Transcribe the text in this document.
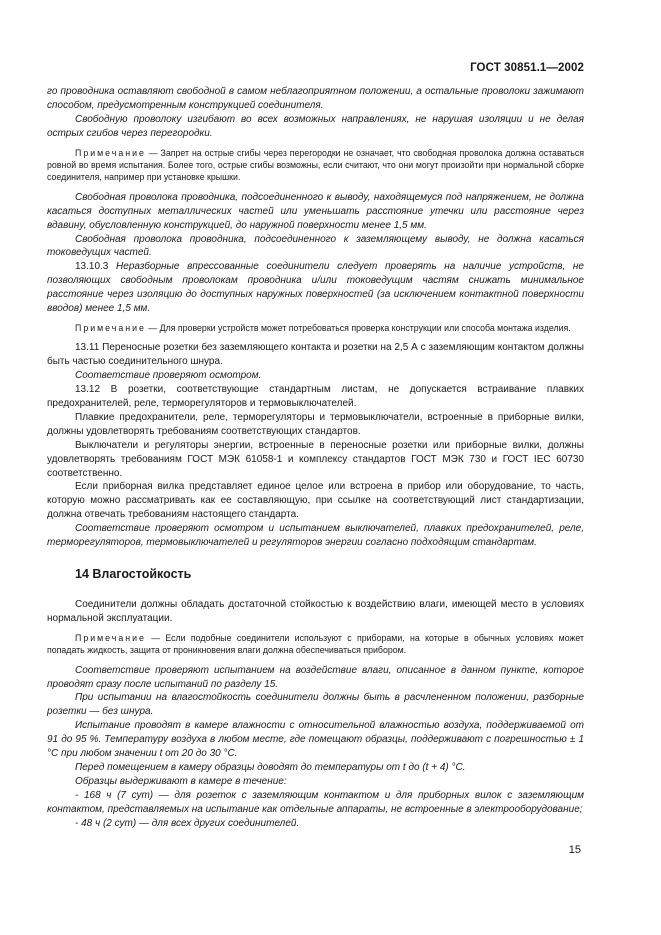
ГОСТ 30851.1—2002

го проводника оставляют свободной в самом неблагоприятном положении, а остальные проволоки зажимают способом, предусмотренным конструкцией соединителя.

Свободную проволоку изгибают во всех возможных направлениях, не нарушая изоляции и не делая острых сгибов через перегородки.

Примечание — Запрет на острые сгибы через перегородки не означает, что свободная проволока должна оставаться ровной во время испытания. Более того, острые сгибы возможны, если считают, что они могут произойти при нормальной сборке соединителя, например при установке крышки.

Свободная проволока проводника, подсоединенного к выводу, находящемуся под напряжением, не должна касаться доступных металлических частей или уменьшать расстояние утечки или расстояние через вдавину, обусловленную конструкцией, до наружной поверхности менее 1,5 мм.

Свободная проволока проводника, подсоединенного к заземляющему выводу, не должна касаться токоведущих частей.

13.10.3 Неразборные впрессованные соединители следует проверять на наличие устройств, не позволяющих свободным проволокам проводника и/или токоведущим частям снижать минимальное расстояние через изоляцию до доступных наружных поверхностей (за исключением контактной поверхности вводов) менее 1,5 мм.

Примечание — Для проверки устройств может потребоваться проверка конструкции или способа монтажа изделия.

13.11 Переносные розетки без заземляющего контакта и розетки на 2,5 А с заземляющим контактом должны быть частью соединительного шнура.

Соответствие проверяют осмотром.

13.12 В розетки, соответствующие стандартным листам, не допускается встраивание плавких предохранителей, реле, терморегуляторов и термовыключателей.

Плавкие предохранители, реле, терморегуляторы и термовыключатели, встроенные в приборные вилки, должны удовлетворять требованиям соответствующих стандартов.

Выключатели и регуляторы энергии, встроенные в переносные розетки или приборные вилки, должны удовлетворять требованиям ГОСТ МЭК 61058-1 и комплексу стандартов ГОСТ МЭК 730 и ГОСТ IEC 60730 соответственно.

Если приборная вилка представляет единое целое или встроена в прибор или оборудование, то часть, которую можно рассматривать как ее составляющую, при ссылке на соответствующий лист стандартизации, должна отвечать требованиям настоящего стандарта.

Соответствие проверяют осмотром и испытанием выключателей, плавких предохранителей, реле, терморегуляторов, термовыключателей и регуляторов энергии согласно подходящим стандартам.

14 Влагостойкость

Соединители должны обладать достаточной стойкостью к воздействию влаги, имеющей место в условиях нормальной эксплуатации.

Примечание — Если подобные соединители используют с приборами, на которые в обычных условиях может попадать жидкость, защита от проникновения влаги должна обеспечиваться прибором.

Соответствие проверяют испытанием на воздействие влаги, описанное в данном пункте, которое проводят сразу после испытаний по разделу 15.

При испытании на влагостойкость соединители должны быть в расчлененном положении, разборные розетки — без шнура.

Испытание проводят в камере влажности с относительной влажностью воздуха, поддерживаемой от 91 до 95 %. Температуру воздуха в любом месте, где помещают образцы, поддерживают с погрешностью ± 1 °С при любом значении t от 20 до 30 °С.

Перед помещением в камеру образцы доводят до температуры от t до (t + 4) °С.

Образцы выдерживают в камере в течение:

- 168 ч (7 сут) — для розеток с заземляющим контактом и для приборных вилок с заземляющим контактом, представляемых на испытание как отдельные аппараты, не встроенные в электрооборудование;

- 48 ч (2 сут) — для всех других соединителей.

15
